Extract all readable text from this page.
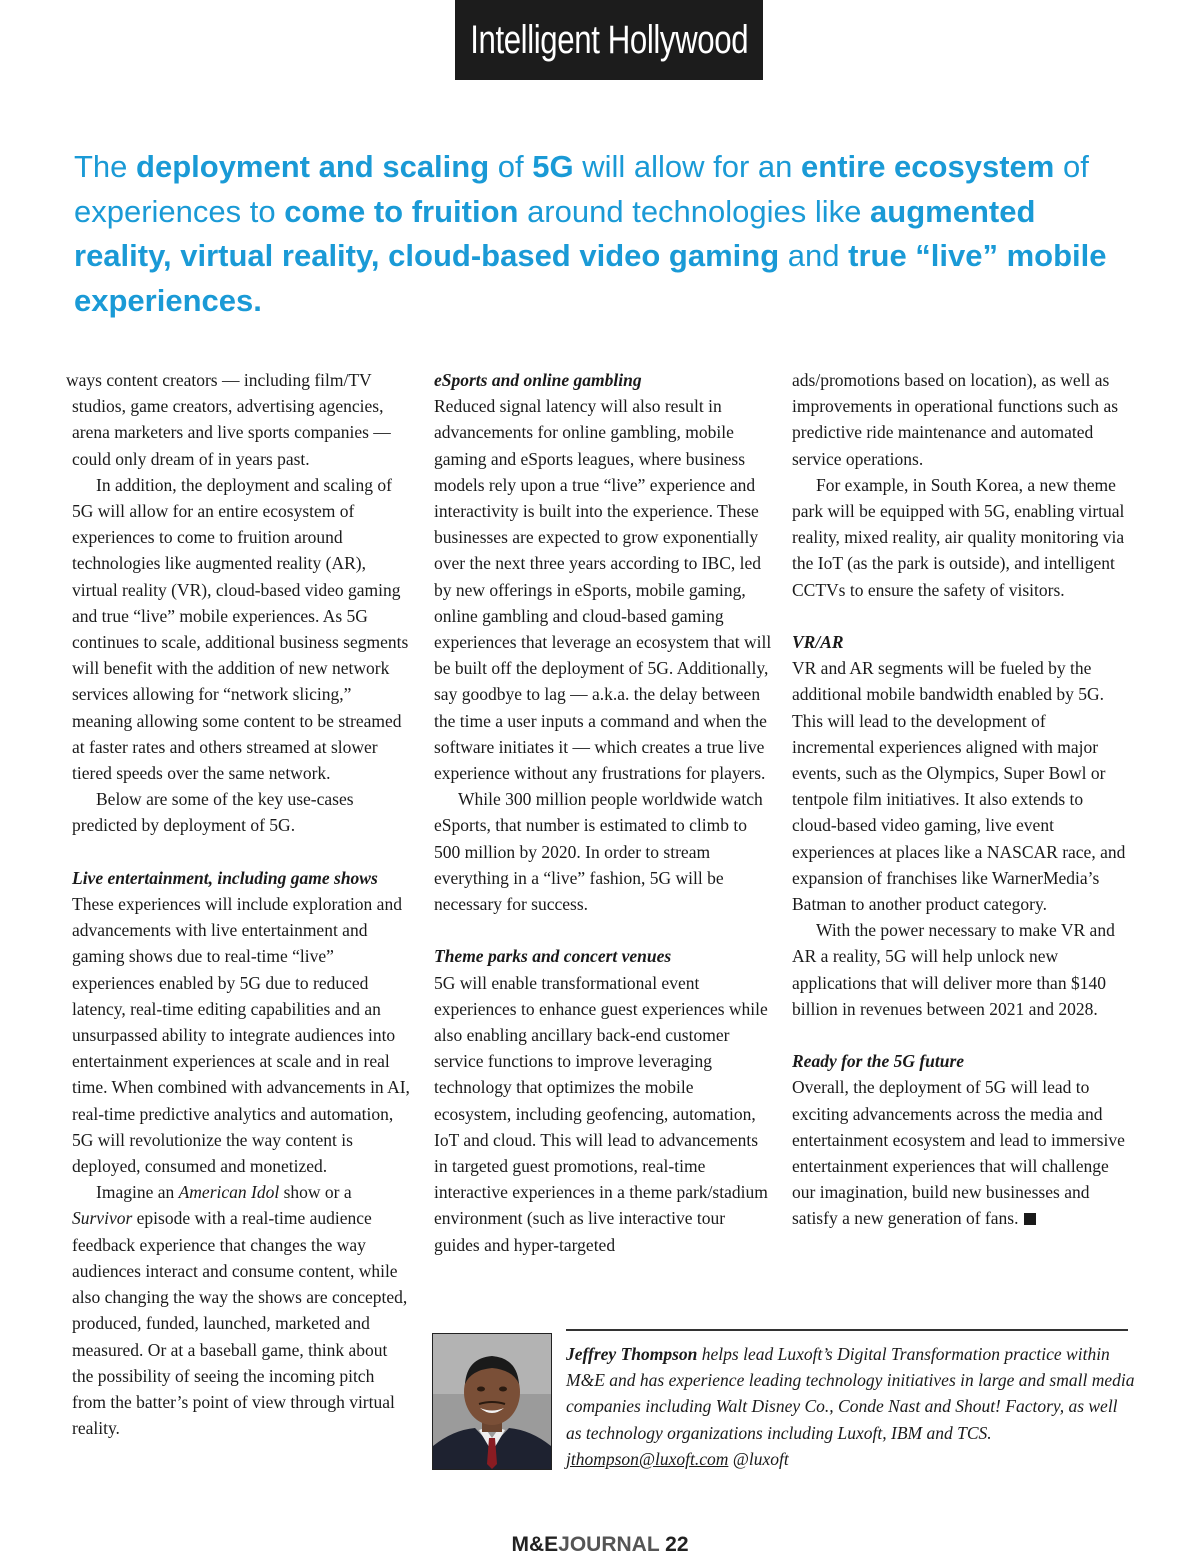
Intelligent Hollywood
The deployment and scaling of 5G will allow for an entire ecosystem of experiences to come to fruition around technologies like augmented reality, virtual reality, cloud-based video gaming and true “live” mobile experiences.

ways content creators — including film/TV studios, game creators, advertising agencies, arena marketers and live sports companies — could only dream of in years past.

In addition, the deployment and scaling of 5G will allow for an entire ecosystem of experiences to come to fruition around technologies like augmented reality (AR), virtual reality (VR), cloud-based video gaming and true “live” mobile experiences. As 5G continues to scale, additional business segments will benefit with the addition of new network services allowing for “network slicing,” meaning allowing some content to be streamed at faster rates and others streamed at slower tiered speeds over the same network.

Below are some of the key use-cases predicted by deployment of 5G.

Live entertainment, including game shows

These experiences will include exploration and advancements with live entertainment and gaming shows due to real-time “live” experiences enabled by 5G due to reduced latency, real-time editing capabilities and an unsurpassed ability to integrate audiences into entertainment experiences at scale and in real time. When combined with advancements in AI, real-time predictive analytics and automation, 5G will revolutionize the way content is deployed, consumed and monetized.

Imagine an American Idol show or a Survivor episode with a real-time audience feedback experience that changes the way audiences interact and consume content, while also changing the way the shows are concepted, produced, funded, launched, marketed and measured. Or at a baseball game, think about the possibility of seeing the incoming pitch from the batter’s point of view through virtual reality.

eSports and online gambling

Reduced signal latency will also result in advancements for online gambling, mobile gaming and eSports leagues, where business models rely upon a true “live” experience and interactivity is built into the experience. These businesses are expected to grow exponentially over the next three years according to IBC, led by new offerings in eSports, mobile gaming, online gambling and cloud-based gaming experiences that leverage an ecosystem that will be built off the deployment of 5G. Additionally, say goodbye to lag — a.k.a. the delay between the time a user inputs a command and when the software initiates it — which creates a true live experience without any frustrations for players.

While 300 million people worldwide watch eSports, that number is estimated to climb to 500 million by 2020. In order to stream everything in a “live” fashion, 5G will be necessary for success.

Theme parks and concert venues

5G will enable transformational event experiences to enhance guest experiences while also enabling ancillary back-end customer service functions to improve leveraging technology that optimizes the mobile ecosystem, including geofencing, automation, IoT and cloud. This will lead to advancements in targeted guest promotions, real-time interactive experiences in a theme park/stadium environment (such as live interactive tour guides and hyper-targeted

ads/promotions based on location), as well as improvements in operational functions such as predictive ride maintenance and automated service operations.

For example, in South Korea, a new theme park will be equipped with 5G, enabling virtual reality, mixed reality, air quality monitoring via the IoT (as the park is outside), and intelligent CCTVs to ensure the safety of visitors.

VR/AR

VR and AR segments will be fueled by the additional mobile bandwidth enabled by 5G. This will lead to the development of incremental experiences aligned with major events, such as the Olympics, Super Bowl or tentpole film initiatives. It also extends to cloud-based video gaming, live event experiences at places like a NASCAR race, and expansion of franchises like WarnerMedia’s Batman to another product category.

With the power necessary to make VR and AR a reality, 5G will help unlock new applications that will deliver more than $140 billion in revenues between 2021 and 2028.

Ready for the 5G future

Overall, the deployment of 5G will lead to exciting advancements across the media and entertainment ecosystem and lead to immersive entertainment experiences that will challenge our imagination, build new businesses and satisfy a new generation of fans.

Jeffrey Thompson helps lead Luxoft’s Digital Transformation practice within M&E and has experience leading technology initiatives in large and small media companies including Walt Disney Co., Conde Nast and Shout! Factory, as well as technology organizations including Luxoft, IBM and TCS. jthompson@luxoft.com @luxoft
M&EJOURNAL 22
